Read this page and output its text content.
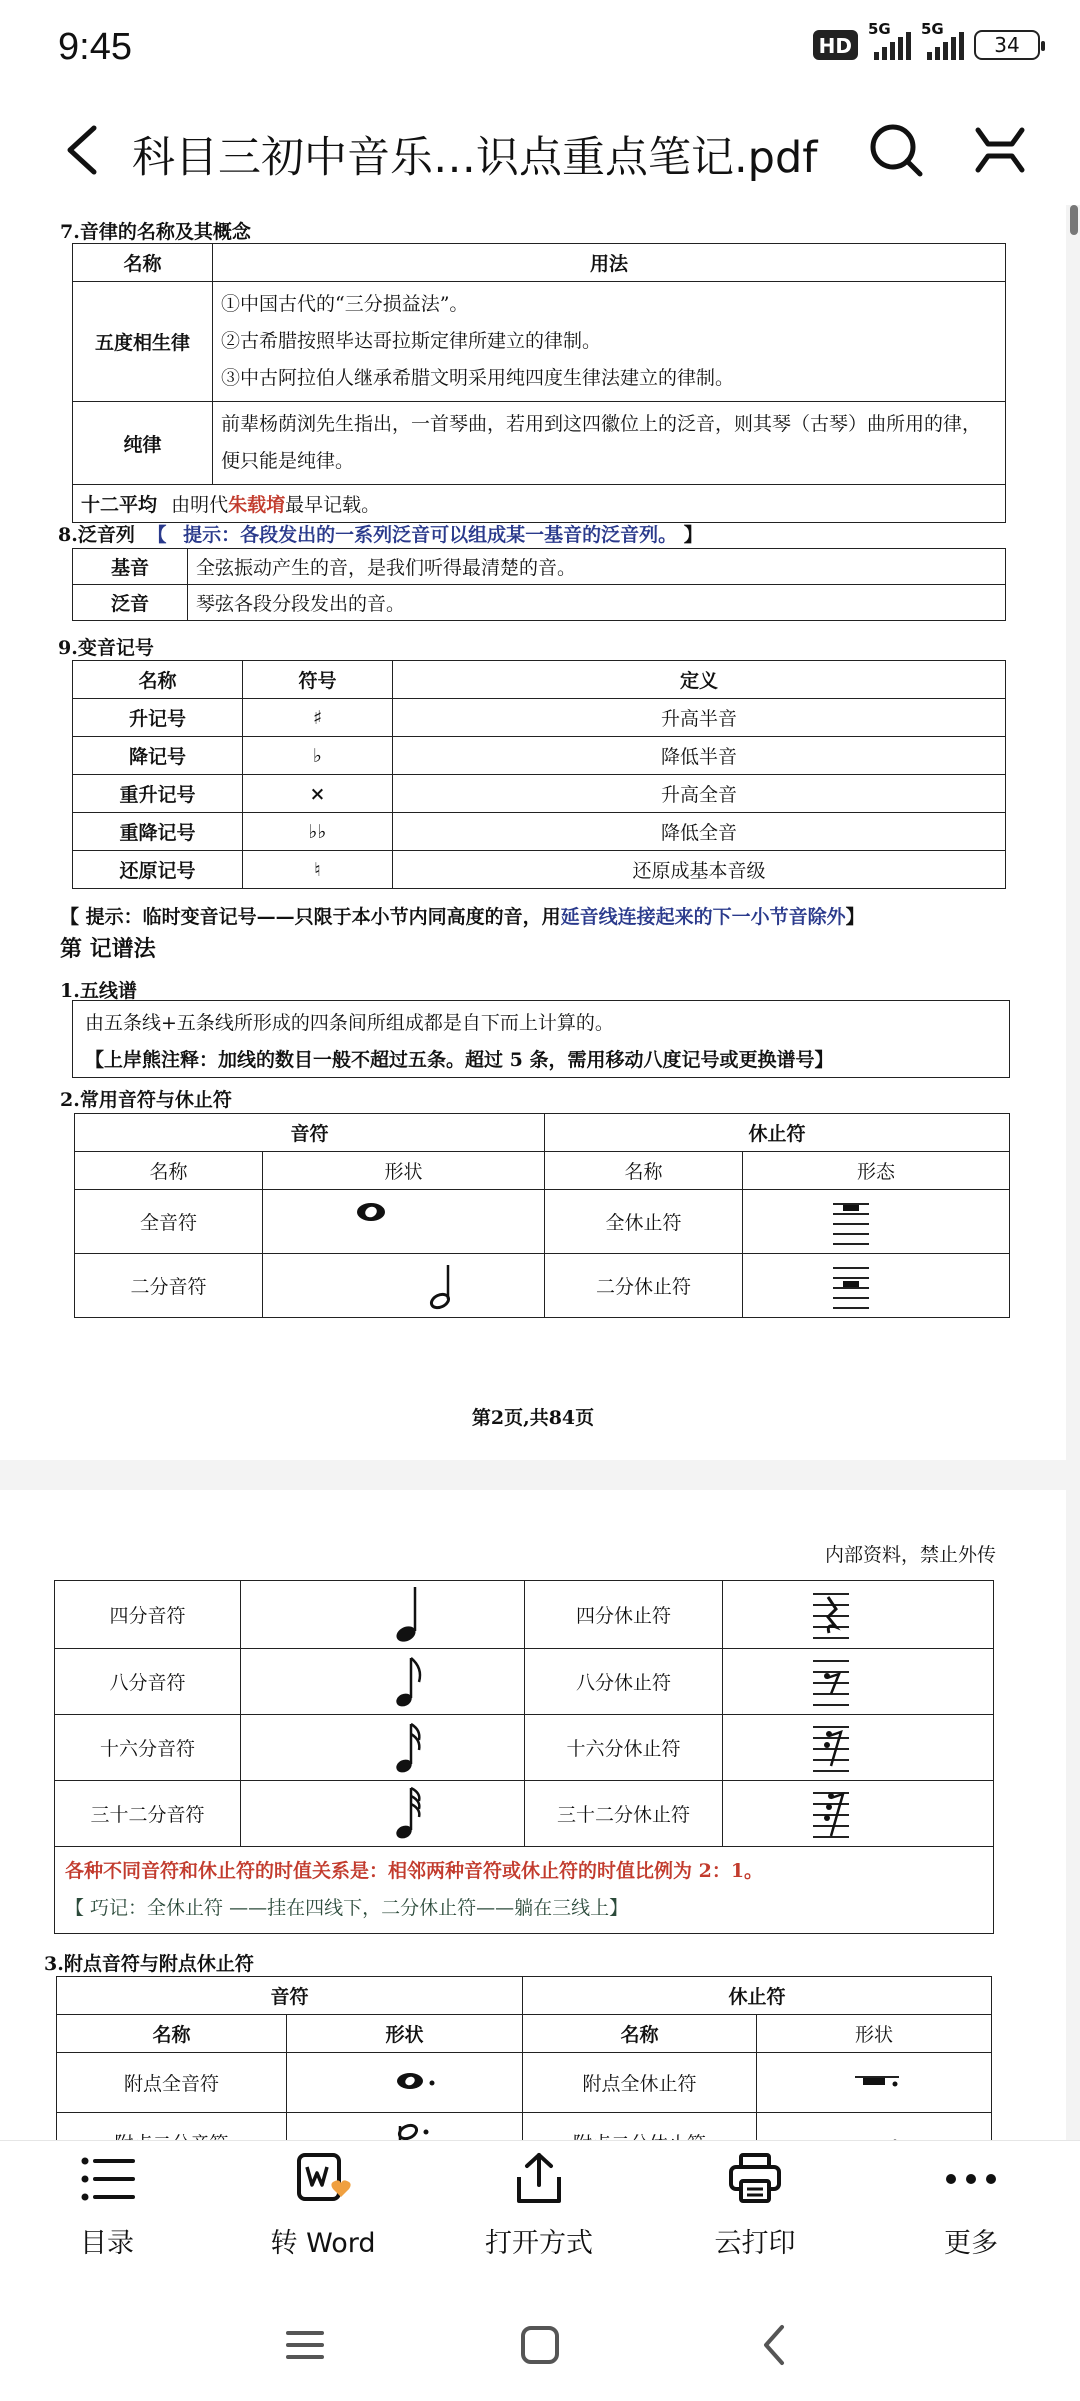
9:45	HD
5G 5G
34
科目三初中音乐…识点重点笔记.pdf
7.音律的名称及其概念
名称	用法
五度相生律	①中国古代的“三分损益法”。
②古希腊按照毕达哥拉斯定律所建立的律制。
③中古阿拉伯人继承希腊文明采用纯四度生律法建立的律制。

纯律	前辈杨荫浏先生指出，一首琴曲，若用到这四徽位上的泛音，则其琴（古琴）曲所用的律，
便只能是纯律。

十二平均 由明代朱载堉最早记载。	
8.泛音列 【 提示：各段发出的一系列泛音可以组成某一基音的泛音列。 】
基音	全弦振动产生的音，是我们听得最清楚的音。
泛音	琴弦各段分段发出的音。
9.变音记号
名称	符号	定义
升记号	♯	升高半音
降记号	♭	降低半音
重升记号	×	升高全音
重降记号	♭♭	降低全音
还原记号	♮	还原成基本音级
【 提示：临时变音记号——只限于本小节内同高度的音，用延音线连接起来的下一小节音除外】
第 记谱法
1.五线谱
由五条线+五条线所形成的四条间所组成都是自下而上计算的。
【上岸熊注释：加线的数目一般不超过五条。超过 5 条，需用移动八度记号或更换谱号】
2.常用音符与休止符
音符		休止符	
名称	形状	名称	形态
全音符		全休止符	

二分音符		二分休止符	
第2页,共84页
内部资料，禁止外传
四分音符		四分休止符	

八分音符		八分休止符	

十六分音符		十六分休止符	

三十二分音符		三十二分休止符	

各种不同音符和休止符的时值关系是：相邻两种音符或休止符的时值比例为 2：1。
【 巧记：全休止符 ——挂在四线下，二分休止符——躺在三线上】			
3.附点音符与附点休止符
音符		休止符	
名称	形状	名称	形状
附点全音符		附点全休止符	

目录	转 Word	打开方式	云打印	更多
